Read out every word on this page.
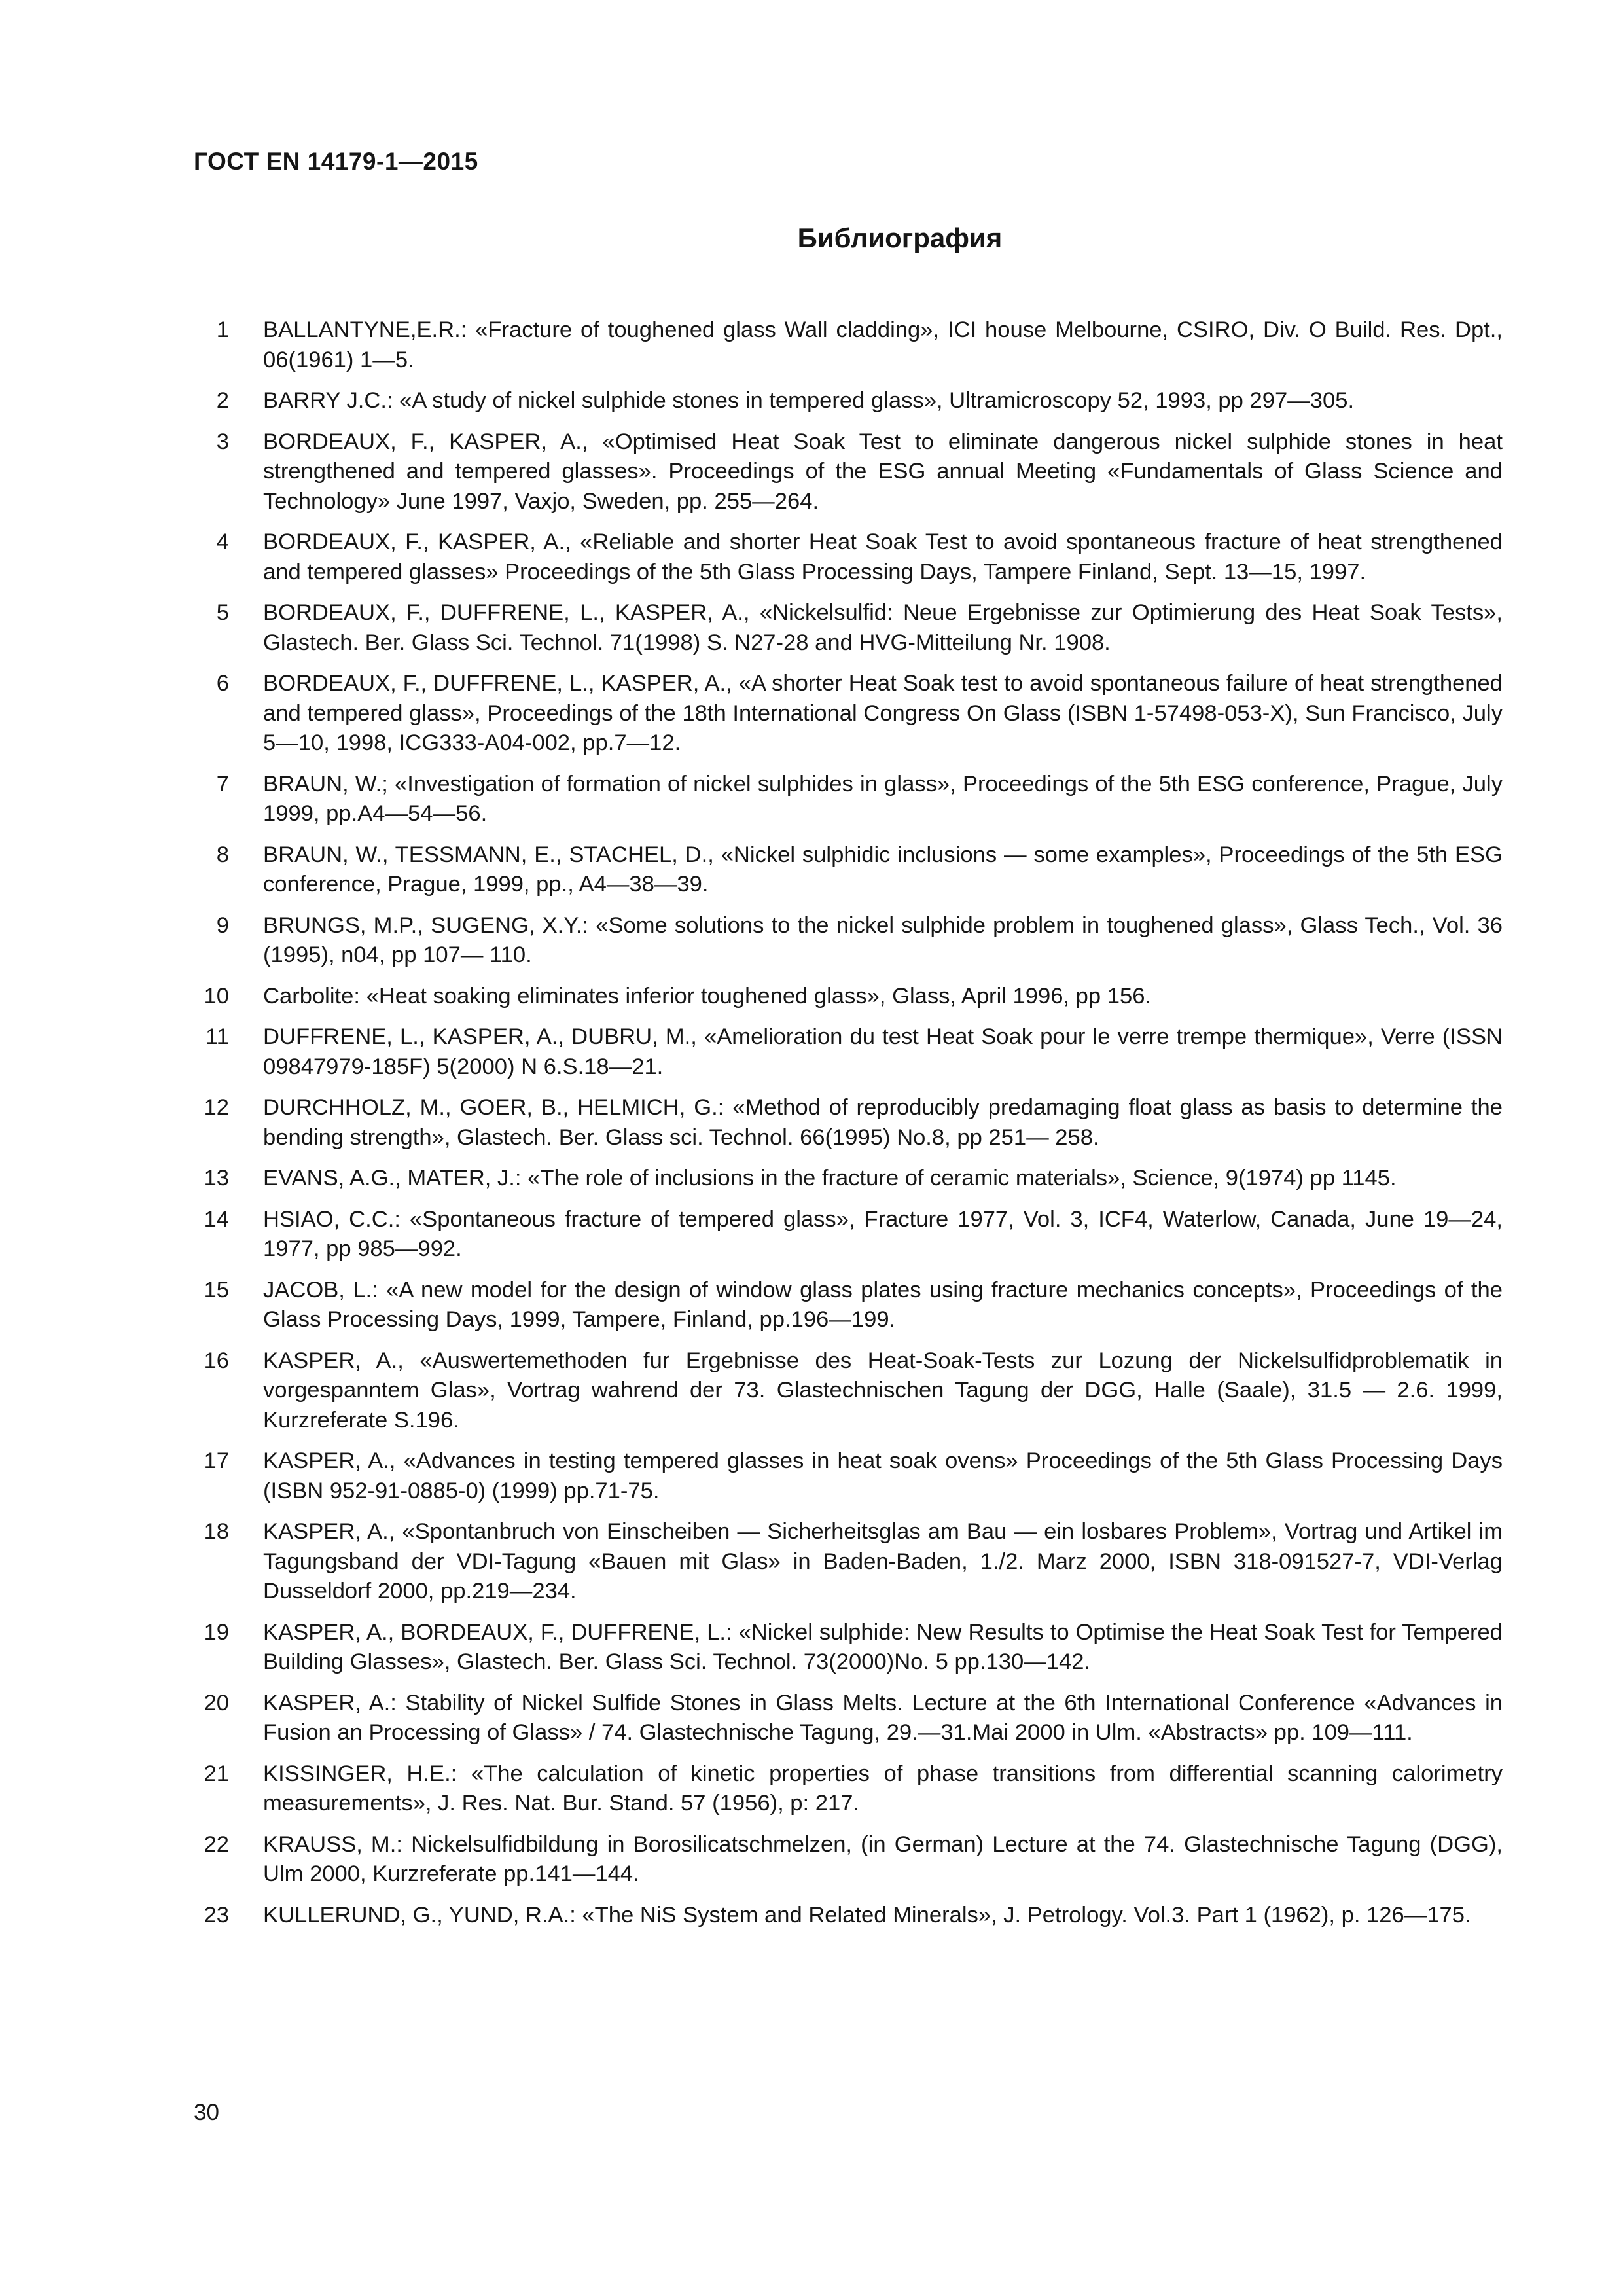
ГОСТ EN 14179-1—2015
Библиография
1 BALLANTYNE,E.R.: «Fracture of toughened glass Wall cladding», ICI house Melbourne, CSIRO, Div. O Build. Res. Dpt., 06(1961) 1—5.
2 BARRY J.C.: «A study of nickel sulphide stones in tempered glass», Ultramicroscopy 52, 1993, pp 297—305.
3 BORDEAUX, F., KASPER, A., «Optimised Heat Soak Test to eliminate dangerous nickel sulphide stones in heat strengthened and tempered glasses». Proceedings of the ESG annual Meeting «Fundamentals of Glass Science and Technology» June 1997, Vaxjo, Sweden, pp. 255—264.
4 BORDEAUX, F., KASPER, A., «Reliable and shorter Heat Soak Test to avoid spontaneous fracture of heat strengthened and tempered glasses» Proceedings of the 5th Glass Processing Days, Tampere Finland, Sept. 13—15, 1997.
5 BORDEAUX, F., DUFFRENE, L., KASPER, A., «Nickelsulfid: Neue Ergebnisse zur Optimierung des Heat Soak Tests», Glastech. Ber. Glass Sci. Technol. 71(1998) S. N27-28 and HVG-Mitteilung Nr. 1908.
6 BORDEAUX, F., DUFFRENE, L., KASPER, A., «A shorter Heat Soak test to avoid spontaneous failure of heat strengthened and tempered glass», Proceedings of the 18th International Congress On Glass (ISBN 1-57498-053-X), Sun Francisco, July 5—10, 1998, ICG333-A04-002, pp.7—12.
7 BRAUN, W.; «Investigation of formation of nickel sulphides in glass», Proceedings of the 5th ESG conference, Prague, July 1999, pp.A4—54—56.
8 BRAUN, W., TESSMANN, E., STACHEL, D., «Nickel sulphidic inclusions — some examples», Proceedings of the 5th ESG conference, Prague, 1999, pp., A4—38—39.
9 BRUNGS, M.P., SUGENG, X.Y.: «Some solutions to the nickel sulphide problem in toughened glass», Glass Tech., Vol. 36 (1995), n04, pp 107— 110.
10 Carbolite: «Heat soaking eliminates inferior toughened glass», Glass, April 1996, pp 156.
11 DUFFRENE, L., KASPER, A., DUBRU, M., «Amelioration du test Heat Soak pour le verre trempe thermique», Verre (ISSN 09847979-185F) 5(2000) N 6.S.18—21.
12 DURCHHOLZ, M., GOER, B., HELMICH, G.: «Method of reproducibly predamaging float glass as basis to determine the bending strength», Glastech. Ber. Glass sci. Technol. 66(1995) No.8, pp 251— 258.
13 EVANS, A.G., MATER, J.: «The role of inclusions in the fracture of ceramic materials», Science, 9(1974) pp 1145.
14 HSIAO, C.C.: «Spontaneous fracture of tempered glass», Fracture 1977, Vol. 3, ICF4, Waterlow, Canada, June 19—24, 1977, pp 985—992.
15 JACOB, L.: «A new model for the design of window glass plates using fracture mechanics concepts», Proceedings of the Glass Processing Days, 1999, Tampere, Finland, pp.196—199.
16 KASPER, A., «Auswertemethoden fur Ergebnisse des Heat-Soak-Tests zur Lozung der Nickelsulfidproblematik in vorgespanntem Glas», Vortrag wahrend der 73. Glastechnischen Tagung der DGG, Halle (Saale), 31.5 — 2.6. 1999, Kurzreferate S.196.
17 KASPER, A., «Advances in testing tempered glasses in heat soak ovens» Proceedings of the 5th Glass Processing Days (ISBN 952-91-0885-0) (1999) pp.71-75.
18 KASPER, A., «Spontanbruch von Einscheiben — Sicherheitsglas am Bau — ein losbares Problem», Vortrag und Artikel im Tagungsband der VDI-Tagung «Bauen mit Glas» in Baden-Baden, 1./2. Marz 2000, ISBN 318-091527-7, VDI-Verlag Dusseldorf 2000, pp.219—234.
19 KASPER, A., BORDEAUX, F., DUFFRENE, L.: «Nickel sulphide: New Results to Optimise the Heat Soak Test for Tempered Building Glasses», Glastech. Ber. Glass Sci. Technol. 73(2000)No. 5 pp.130—142.
20 KASPER, A.: Stability of Nickel Sulfide Stones in Glass Melts. Lecture at the 6th International Conference «Advances in Fusion an Processing of Glass» / 74. Glastechnische Tagung, 29.—31.Mai 2000 in Ulm. «Abstracts» pp. 109—111.
21 KISSINGER, H.E.: «The calculation of kinetic properties of phase transitions from differential scanning calorimetry measurements», J. Res. Nat. Bur. Stand. 57 (1956), p: 217.
22 KRAUSS, M.: Nickelsulfidbildung in Borosilicatschmelzen, (in German) Lecture at the 74. Glastechnische Tagung (DGG), Ulm 2000, Kurzreferate pp.141—144.
23 KULLERUND, G., YUND, R.A.: «The NiS System and Related Minerals», J. Petrology. Vol.3. Part 1 (1962), p. 126—175.
30
